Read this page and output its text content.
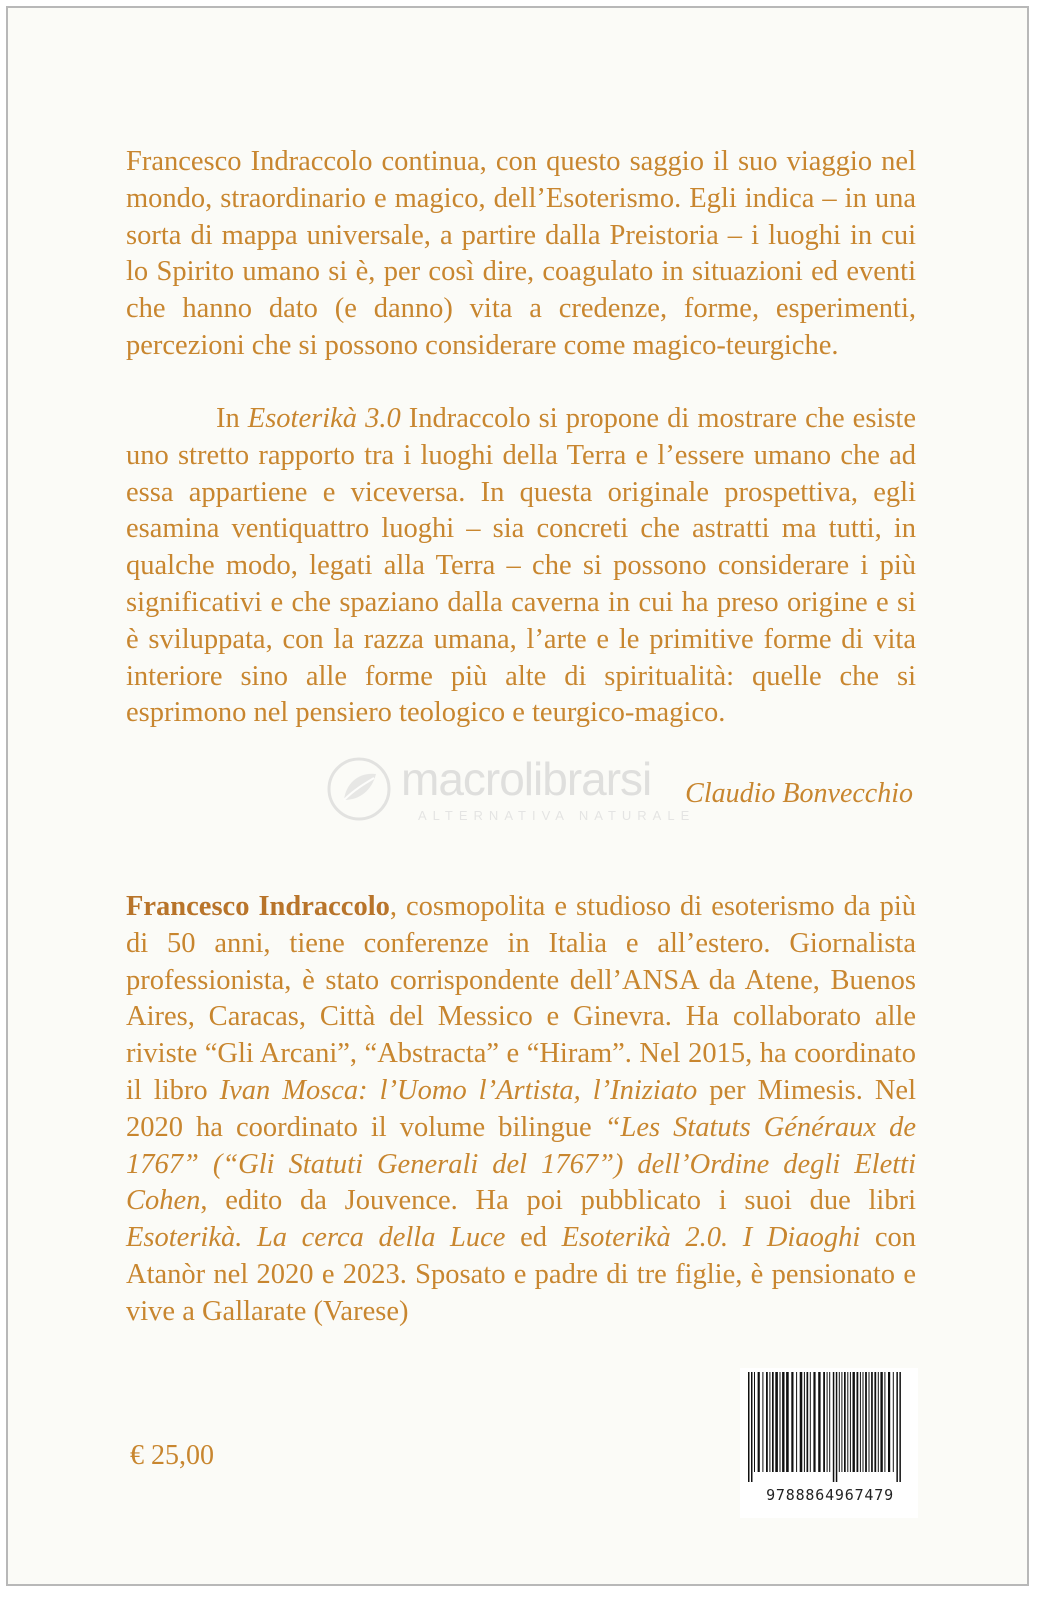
Francesco Indraccolo continua, con questo saggio il suo viaggio nel mondo, straordinario e magico, dell’Esoterismo. Egli indica – in una sorta di mappa universale, a partire dalla Preistoria – i luoghi in cui lo Spirito umano si è, per così dire, coagulato in situazioni ed eventi che hanno dato (e danno) vita a credenze, forme, esperimenti, percezioni che si possono considerare come magico-teurgiche.

In Esoterikà 3.0 Indraccolo si propone di mostrare che esiste uno stretto rapporto tra i luoghi della Terra e l’essere umano che ad essa appartiene e viceversa. In questa originale prospettiva, egli esamina ventiquattro luoghi – sia concreti che astratti ma tutti, in qualche modo, legati alla Terra – che si possono considerare i più significativi e che spaziano dalla caverna in cui ha preso origine e si è sviluppata, con la razza umana, l’arte e le primitive forme di vita interiore sino alle forme più alte di spiritualità: quelle che si esprimono nel pensiero teologico e teurgico-magico.

Claudio Bonvecchio

macrolibrarsi
ALTERNATIVA NATURALE

Francesco Indraccolo, cosmopolita e studioso di esoterismo da più di 50 anni, tiene conferenze in Italia e all’estero. Giornalista professionista, è stato corrispondente dell’ANSA da Atene, Buenos Aires, Caracas, Città del Messico e Ginevra. Ha collaborato alle riviste “Gli Arcani”, “Abstracta” e “Hiram”. Nel 2015, ha coordinato il libro Ivan Mosca: l’Uomo l’Artista, l’Iniziato per Mimesis. Nel 2020 ha coordinato il volume bilingue “Les Statuts Généraux de 1767” (“Gli Statuti Generali del 1767”) dell’Ordine degli Eletti Cohen, edito da Jouvence. Ha poi pubblicato i suoi due libri Esoterikà. La cerca della Luce ed Esoterikà 2.0. I Diaoghi con Atanòr nel 2020 e 2023. Sposato e padre di tre figlie, è pensionato e vive a Gallarate (Varese)

€ 25,00

9788864967479
